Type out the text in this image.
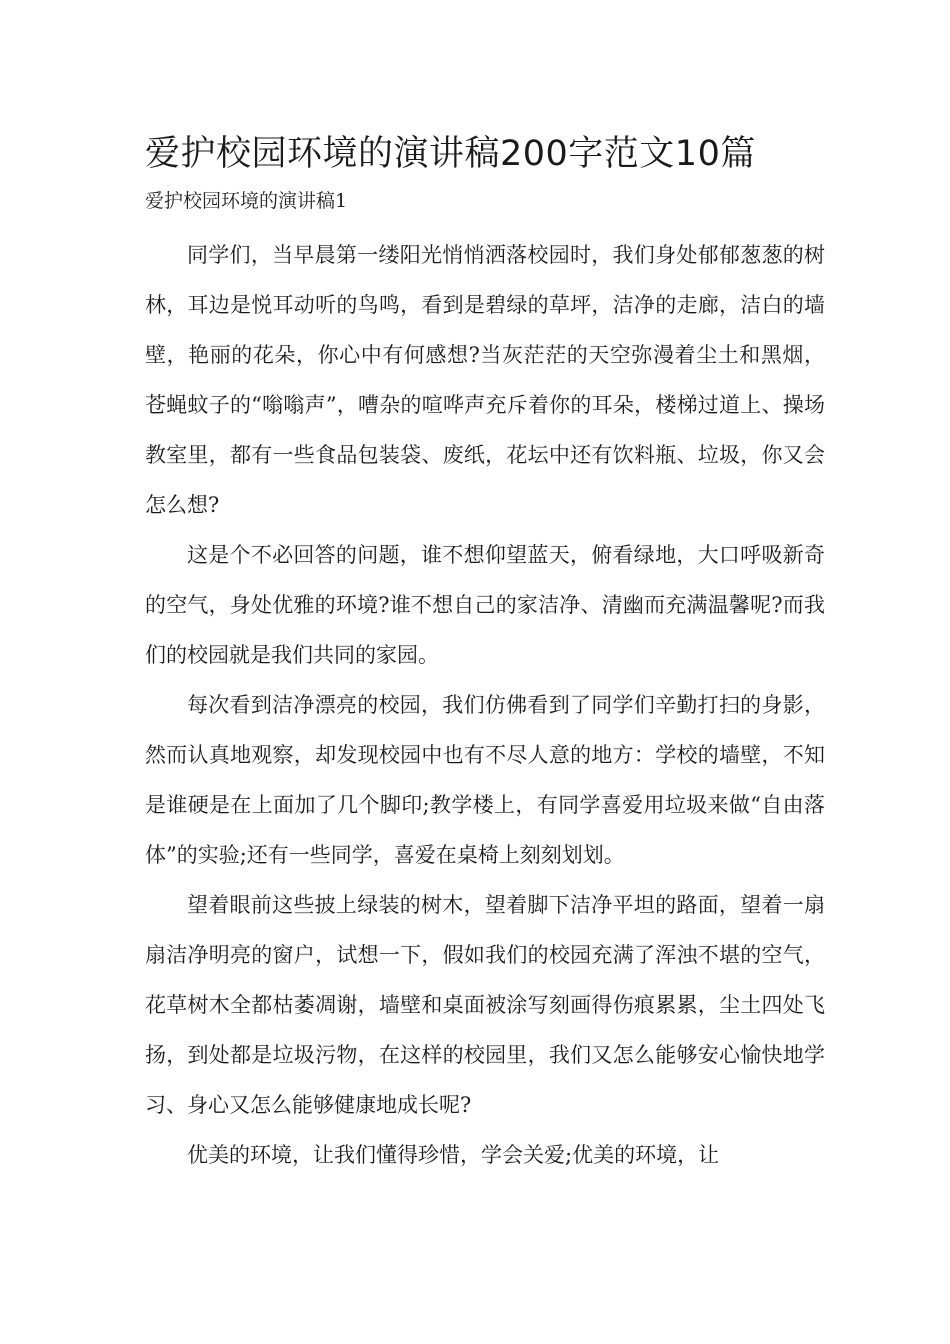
爱护校园环境的演讲稿200字范文10篇
爱护校园环境的演讲稿1

同学们，当早晨第一缕阳光悄悄洒落校园时，我们身处郁郁葱葱的树林，耳边是悦耳动听的鸟鸣，看到是碧绿的草坪，洁净的走廊，洁白的墙壁，艳丽的花朵，你心中有何感想?当灰茫茫的天空弥漫着尘土和黑烟，苍蝇蚊子的“嗡嗡声”，嘈杂的喧哗声充斥着你的耳朵，楼梯过道上、操场教室里，都有一些食品包装袋、废纸，花坛中还有饮料瓶、垃圾，你又会怎么想?

这是个不必回答的问题，谁不想仰望蓝天，俯看绿地，大口呼吸新奇的空气，身处优雅的环境?谁不想自己的家洁净、清幽而充满温馨呢?而我们的校园就是我们共同的家园。

每次看到洁净漂亮的校园，我们仿佛看到了同学们辛勤打扫的身影，然而认真地观察，却发现校园中也有不尽人意的地方：学校的墙壁，不知是谁硬是在上面加了几个脚印;教学楼上，有同学喜爱用垃圾来做“自由落体”的实验;还有一些同学，喜爱在桌椅上刻刻划划。

望着眼前这些披上绿装的树木，望着脚下洁净平坦的路面，望着一扇扇洁净明亮的窗户，试想一下，假如我们的校园充满了浑浊不堪的空气，花草树木全都枯萎凋谢，墙壁和桌面被涂写刻画得伤痕累累，尘土四处飞扬，到处都是垃圾污物，在这样的校园里，我们又怎么能够安心愉快地学习、身心又怎么能够健康地成长呢?

优美的环境，让我们懂得珍惜，学会关爱;优美的环境，让
